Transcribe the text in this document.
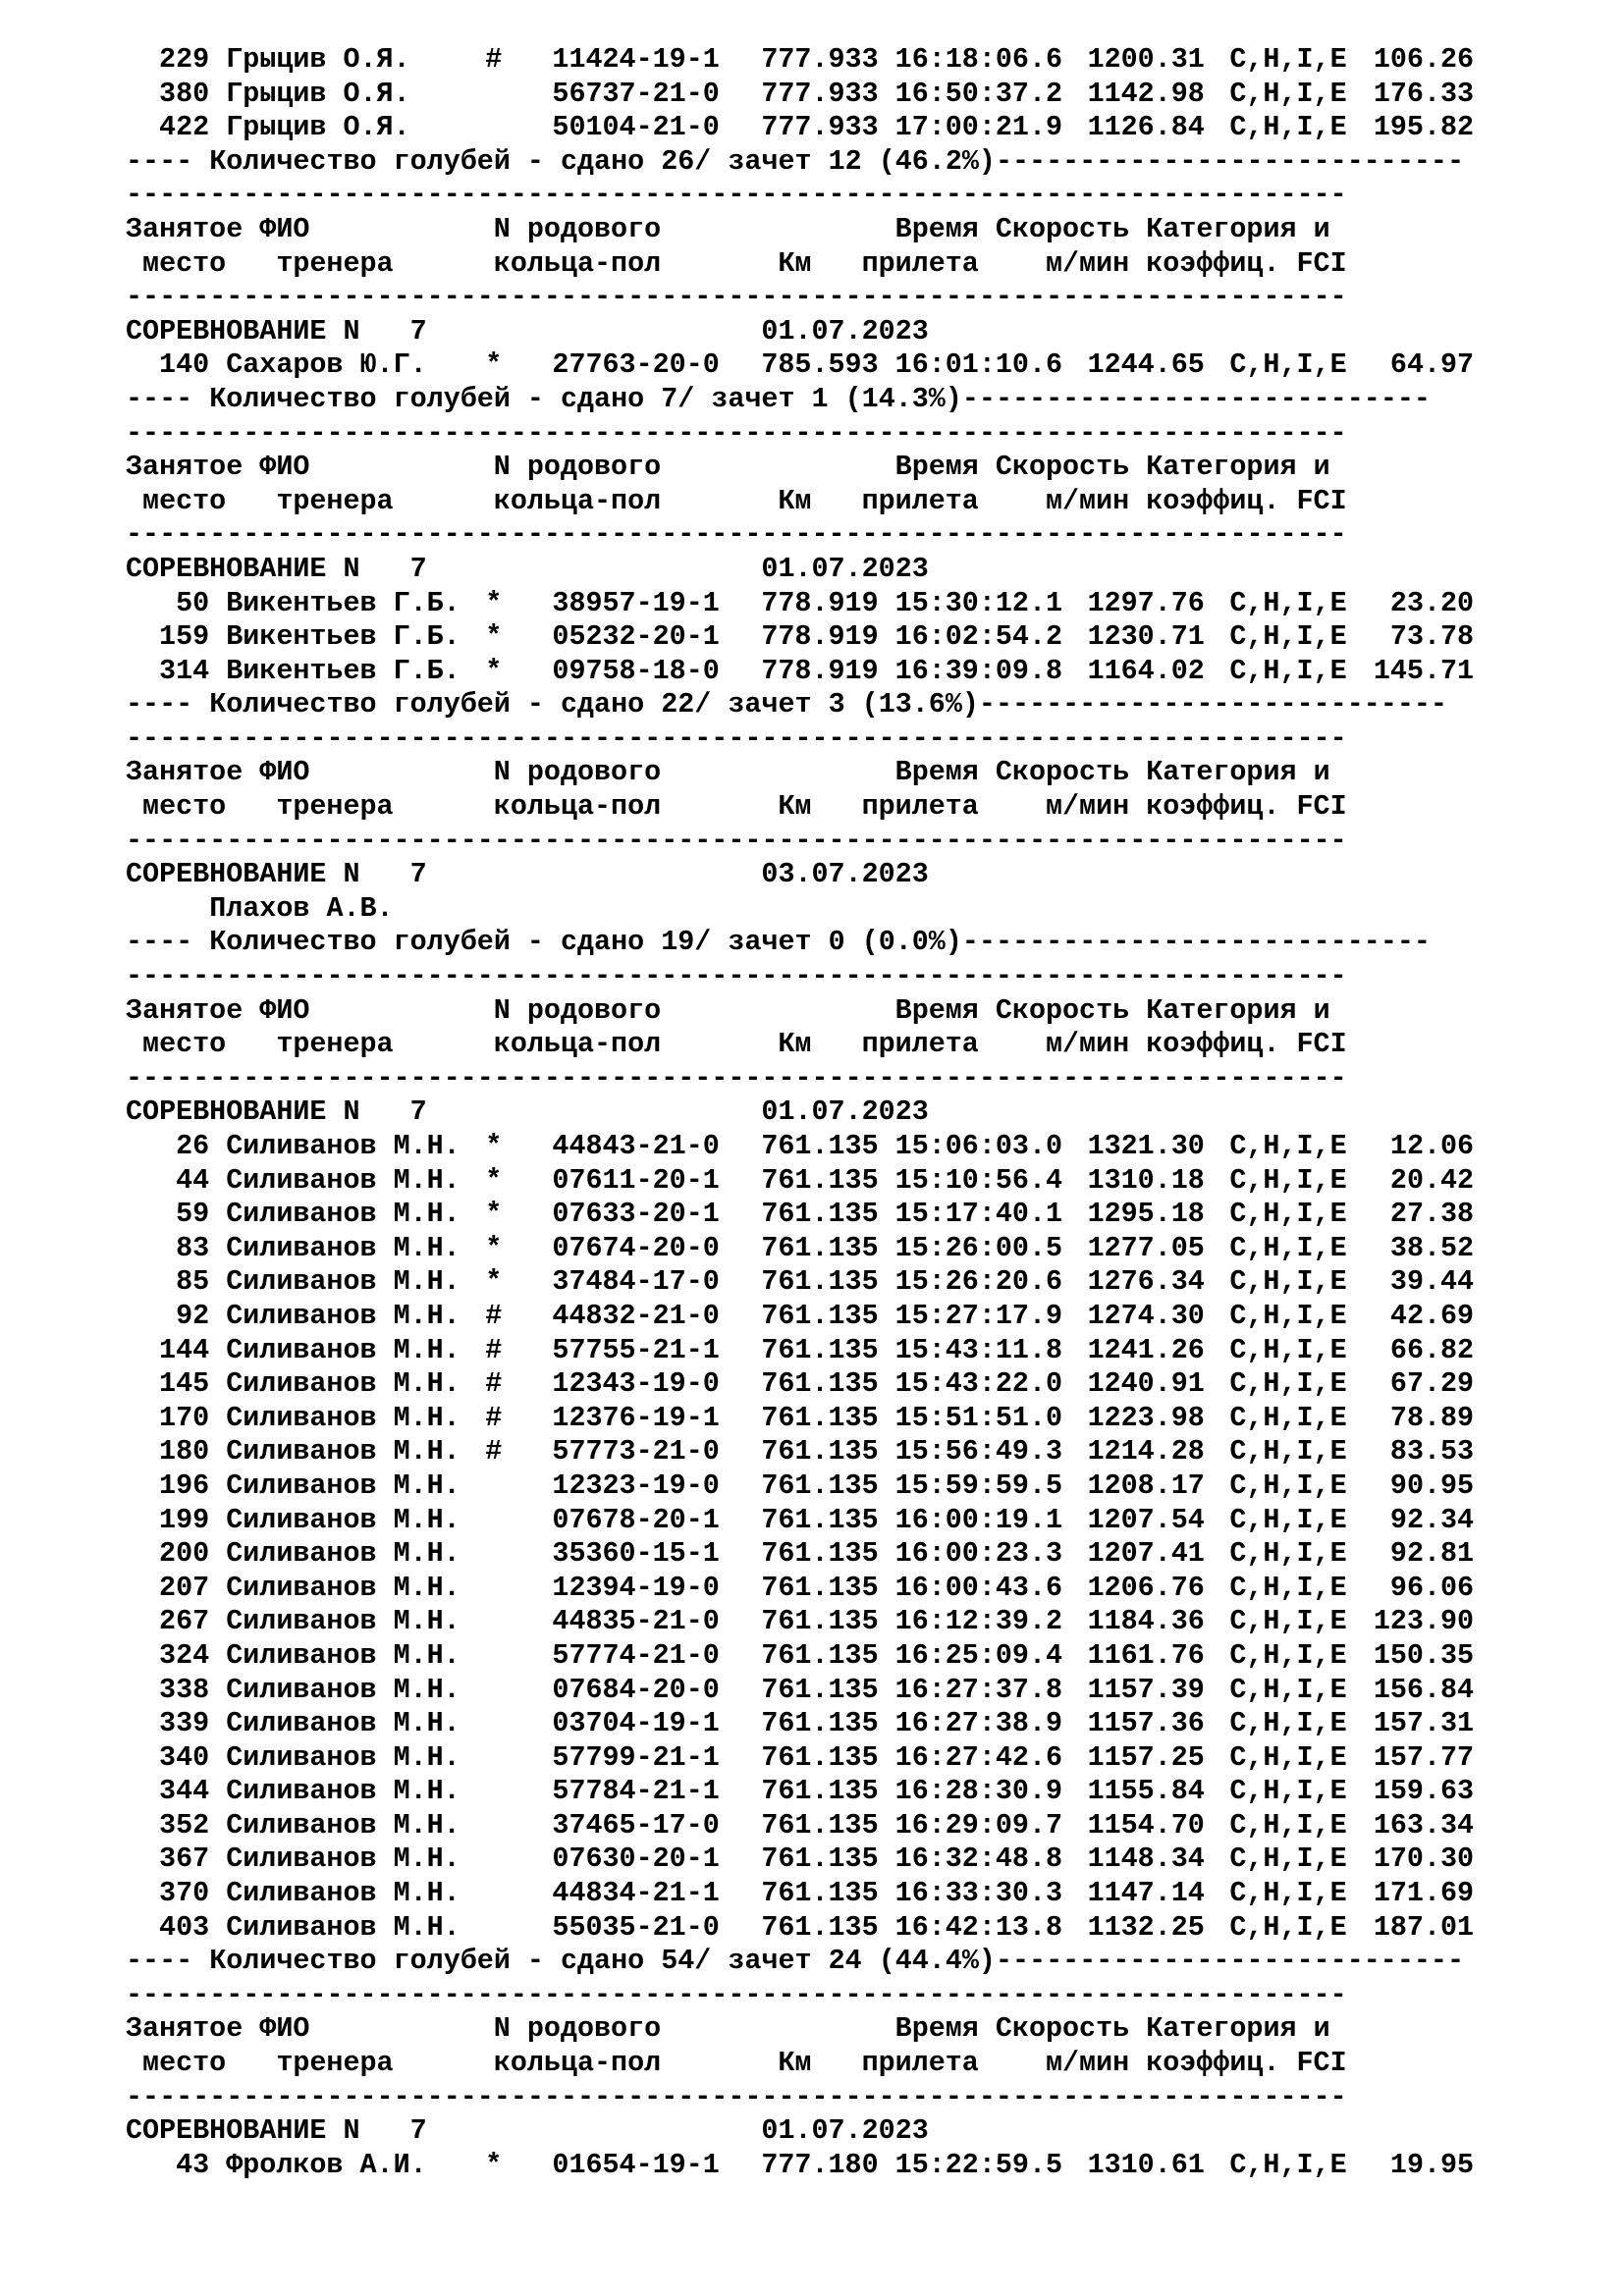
229 Грыцив О.Я.	# 11424-19-1 777.933 16:18:06.6 1200.31 C,H,I,E 106.26
380 Грыцив О.Я.	56737-21-0 777.933 16:50:37.2 1142.98 C,H,I,E 176.33
422 Грыцив О.Я.	50104-21-0 777.933 17:00:21.9 1126.84 C,H,I,E 195.82
---- Количество голубей - сдано 26/ зачет 12 (46.2%)----------------------------
-------------------------------------------------------------------------
Занятое ФИО	N родового	Время Скорость Категория и
место тренера	кольца-пол	Км прилета м/мин коэффиц. FCI
-------------------------------------------------------------------------
СОРЕВНОВАНИЕ N   7	01.07.2023
140 Сахаров Ю.Г. * 27763-20-0 785.593 16:01:10.6 1244.65 C,H,I,E 64.97
---- Количество голубей - сдано 7/ зачет 1 (14.3%)----------------------------
-------------------------------------------------------------------------
Занятое ФИО	N родового	Время Скорость Категория и
место тренера	кольца-пол	Км прилета м/мин коэффиц. FCI
-------------------------------------------------------------------------
СОРЕВНОВАНИЕ N   7	01.07.2023
50 Викентьев Г.Б. * 38957-19-1 778.919 15:30:12.1 1297.76 C,H,I,E 23.20
159 Викентьев Г.Б. * 05232-20-1 778.919 16:02:54.2 1230.71 C,H,I,E 73.78
314 Викентьев Г.Б. * 09758-18-0 778.919 16:39:09.8 1164.02 C,H,I,E 145.71
---- Количество голубей - сдано 22/ зачет 3 (13.6%)----------------------------
-------------------------------------------------------------------------
Занятое ФИО	N родового	Время Скорость Категория и
место тренера	кольца-пол	Км прилета м/мин коэффиц. FCI
-------------------------------------------------------------------------
СОРЕВНОВАНИЕ N   7	03.07.2023
Плахов А.В.
---- Количество голубей - сдано 19/ зачет 0 (0.0%)----------------------------
-------------------------------------------------------------------------
Занятое ФИО	N родового	Время Скорость Категория и
место тренера	кольца-пол	Км прилета м/мин коэффиц. FCI
-------------------------------------------------------------------------
СОРЕВНОВАНИЕ N   7	01.07.2023
26 Силиванов М.Н. * 44843-21-0 761.135 15:06:03.0 1321.30 C,H,I,E 12.06
44 Силиванов М.Н. * 07611-20-1 761.135 15:10:56.4 1310.18 C,H,I,E 20.42
59 Силиванов М.Н. * 07633-20-1 761.135 15:17:40.1 1295.18 C,H,I,E 27.38
83 Силиванов М.Н. * 07674-20-0 761.135 15:26:00.5 1277.05 C,H,I,E 38.52
85 Силиванов М.Н. * 37484-17-0 761.135 15:26:20.6 1276.34 C,H,I,E 39.44
92 Силиванов М.Н. # 44832-21-0 761.135 15:27:17.9 1274.30 C,H,I,E 42.69
144 Силиванов М.Н. # 57755-21-1 761.135 15:43:11.8 1241.26 C,H,I,E 66.82
145 Силиванов М.Н. # 12343-19-0 761.135 15:43:22.0 1240.91 C,H,I,E 67.29
170 Силиванов М.Н. # 12376-19-1 761.135 15:51:51.0 1223.98 C,H,I,E 78.89
180 Силиванов М.Н. # 57773-21-0 761.135 15:56:49.3 1214.28 C,H,I,E 83.53
196 Силиванов М.Н.	12323-19-0 761.135 15:59:59.5 1208.17 C,H,I,E 90.95
199 Силиванов М.Н.	07678-20-1 761.135 16:00:19.1 1207.54 C,H,I,E 92.34
200 Силиванов М.Н.	35360-15-1 761.135 16:00:23.3 1207.41 C,H,I,E 92.81
207 Силиванов М.Н.	12394-19-0 761.135 16:00:43.6 1206.76 C,H,I,E 96.06
267 Силиванов М.Н.	44835-21-0 761.135 16:12:39.2 1184.36 C,H,I,E 123.90
324 Силиванов М.Н.	57774-21-0 761.135 16:25:09.4 1161.76 C,H,I,E 150.35
338 Силиванов М.Н.	07684-20-0 761.135 16:27:37.8 1157.39 C,H,I,E 156.84
339 Силиванов М.Н.	03704-19-1 761.135 16:27:38.9 1157.36 C,H,I,E 157.31
340 Силиванов М.Н.	57799-21-1 761.135 16:27:42.6 1157.25 C,H,I,E 157.77
344 Силиванов М.Н.	57784-21-1 761.135 16:28:30.9 1155.84 C,H,I,E 159.63
352 Силиванов М.Н.	37465-17-0 761.135 16:29:09.7 1154.70 C,H,I,E 163.34
367 Силиванов М.Н.	07630-20-1 761.135 16:32:48.8 1148.34 C,H,I,E 170.30
370 Силиванов М.Н.	44834-21-1 761.135 16:33:30.3 1147.14 C,H,I,E 171.69
403 Силиванов М.Н.	55035-21-0 761.135 16:42:13.8 1132.25 C,H,I,E 187.01
---- Количество голубей - сдано 54/ зачет 24 (44.4%)----------------------------
-------------------------------------------------------------------------
Занятое ФИО	N родового	Время Скорость Категория и
место тренера	кольца-пол	Км прилета м/мин коэффиц. FCI
-------------------------------------------------------------------------
СОРЕВНОВАНИЕ N   7	01.07.2023
43 Фролков А.И. * 01654-19-1 777.180 15:22:59.5 1310.61 C,H,I,E 19.95
